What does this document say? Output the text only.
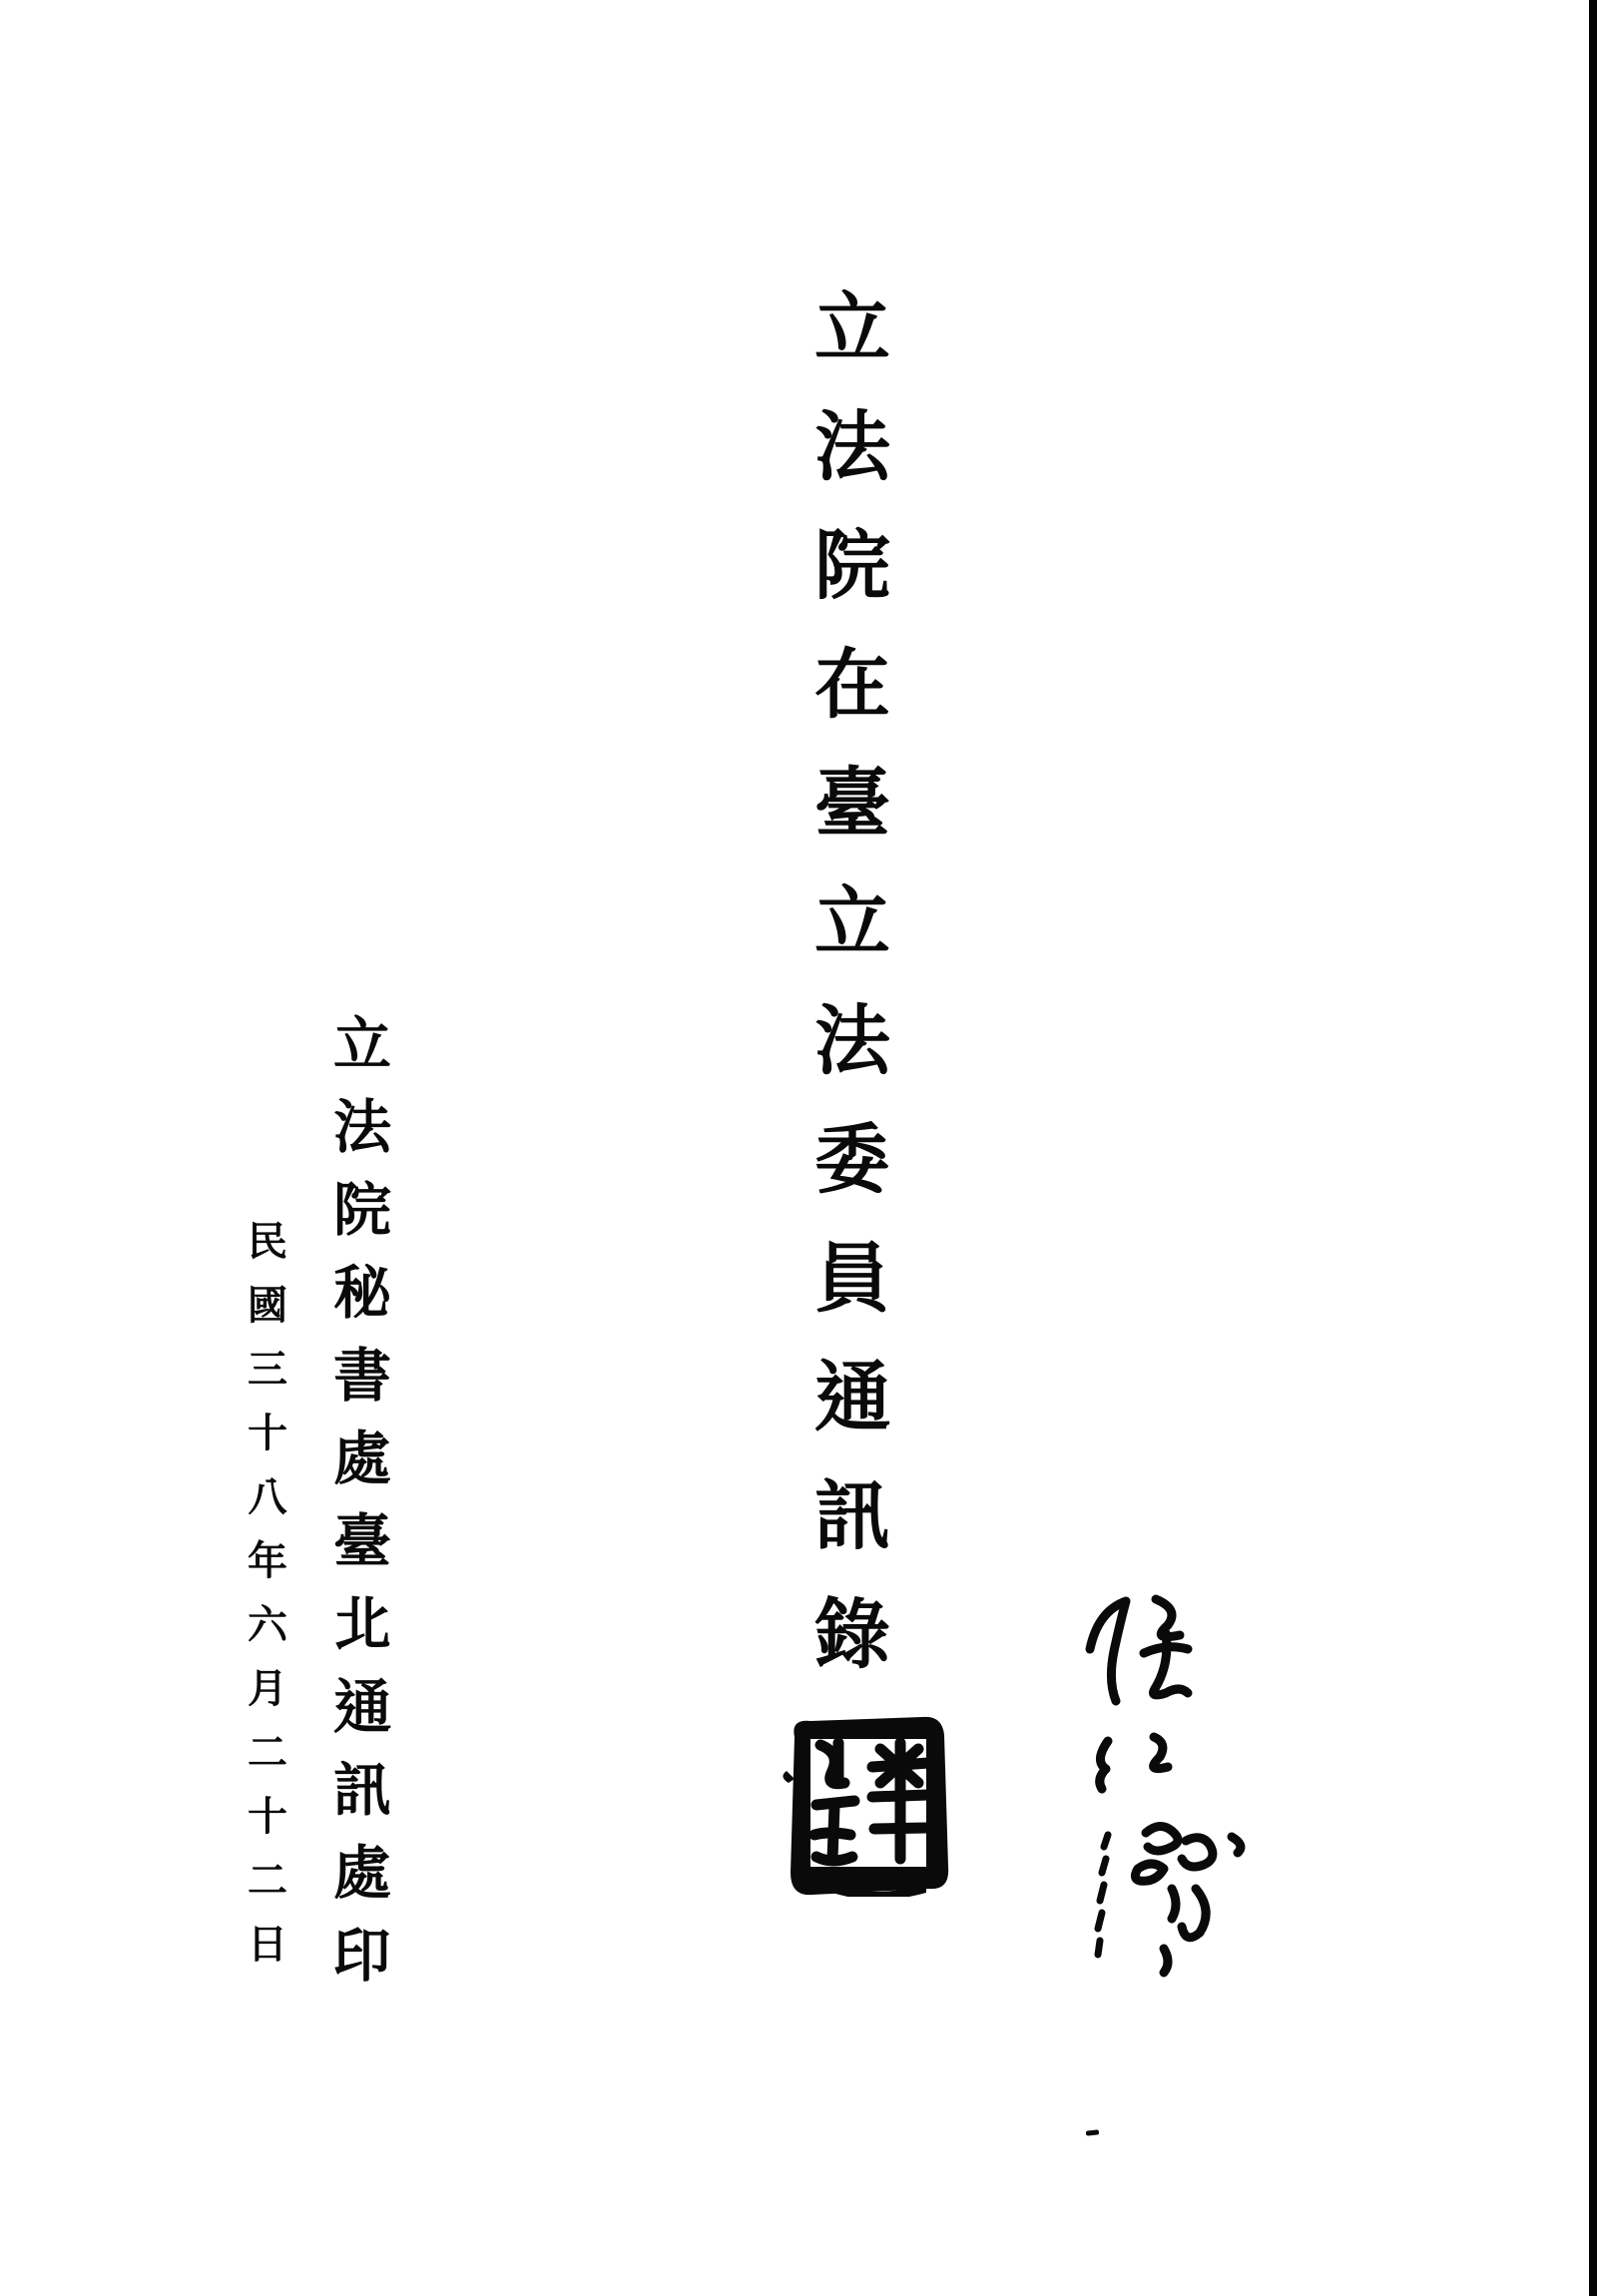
立
法
院
在
臺
立
法
委
員
通
訊
錄
立
法
院
秘
書
處
臺
北
通
訊
處
印
民
國
三
十
八
年
六
月
二
十
二
日
